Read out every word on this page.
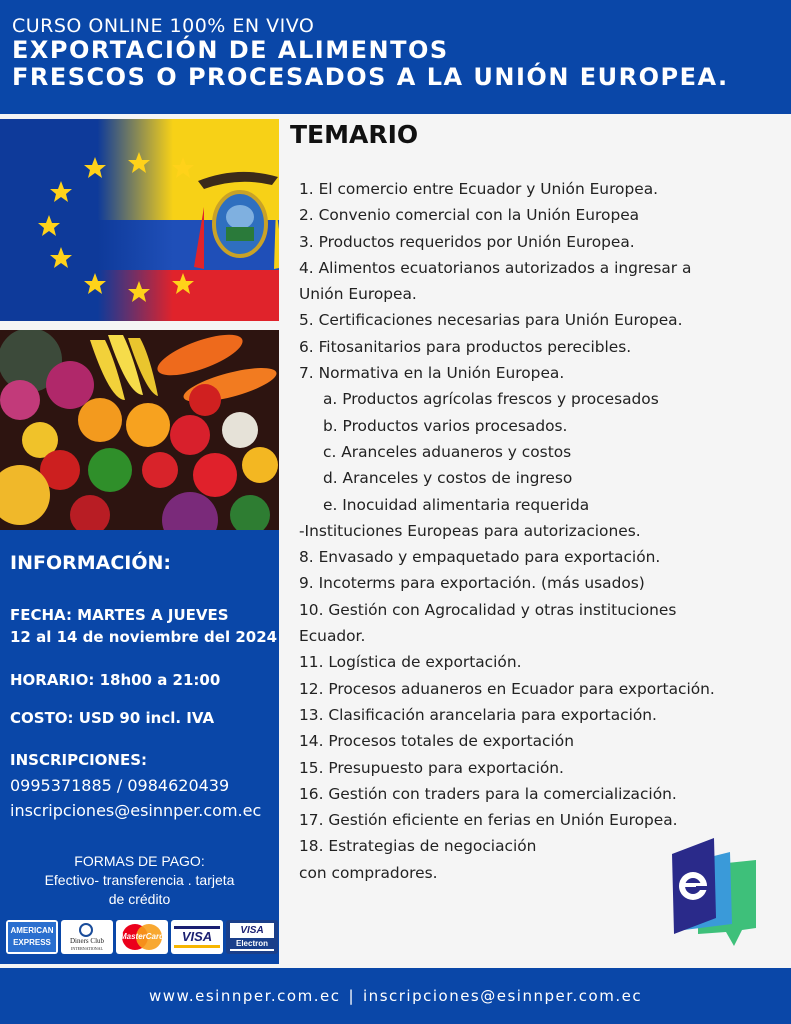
CURSO ONLINE 100% EN VIVO
EXPORTACIÓN DE ALIMENTOS
FRESCOS O PROCESADOS A LA UNIÓN EUROPEA.
INFORMACIÓN:
FECHA: MARTES A JUEVES
12 al 14 de noviembre del 2024
HORARIO: 18h00 a 21:00
COSTO: USD 90 incl. IVA
INSCRIPCIONES:
0995371885 / 0984620439
inscripciones@esinnper.com.ec
FORMAS DE PAGO:
Efectivo- transferencia . tarjeta
de crédito
AMERICAN
EXPRESS	Diners Club
INTERNATIONAL
MasterCard	VISA	VISA
Electron
TEMARIO
1. El comercio entre Ecuador y Unión Europea.
2. Convenio comercial con la Unión Europea
3. Productos requeridos por Unión Europea.
4. Alimentos ecuatorianos autorizados a ingresar a
Unión Europea.
5. Certificaciones necesarias para Unión Europea.
6. Fitosanitarios para productos perecibles.
7. Normativa en la Unión Europea.
a. Productos agrícolas frescos y procesados
b. Productos varios procesados.
c. Aranceles aduaneros y costos
d. Aranceles y costos de ingreso
e. Inocuidad alimentaria requerida
-Instituciones Europeas para autorizaciones.
8. Envasado y empaquetado para exportación.
9. Incoterms para exportación. (más usados)
10. Gestión con Agrocalidad y otras instituciones
Ecuador.
11. Logística de exportación.
12. Procesos aduaneros en Ecuador para exportación.
13. Clasificación arancelaria para exportación.
14. Procesos totales de exportación
15. Presupuesto para exportación.
16. Gestión con traders para la comercialización.
17. Gestión eficiente en ferias en Unión Europea.
18. Estrategias de negociación
con compradores.
www.esinnper.com.ec | inscripciones@esinnper.com.ec
